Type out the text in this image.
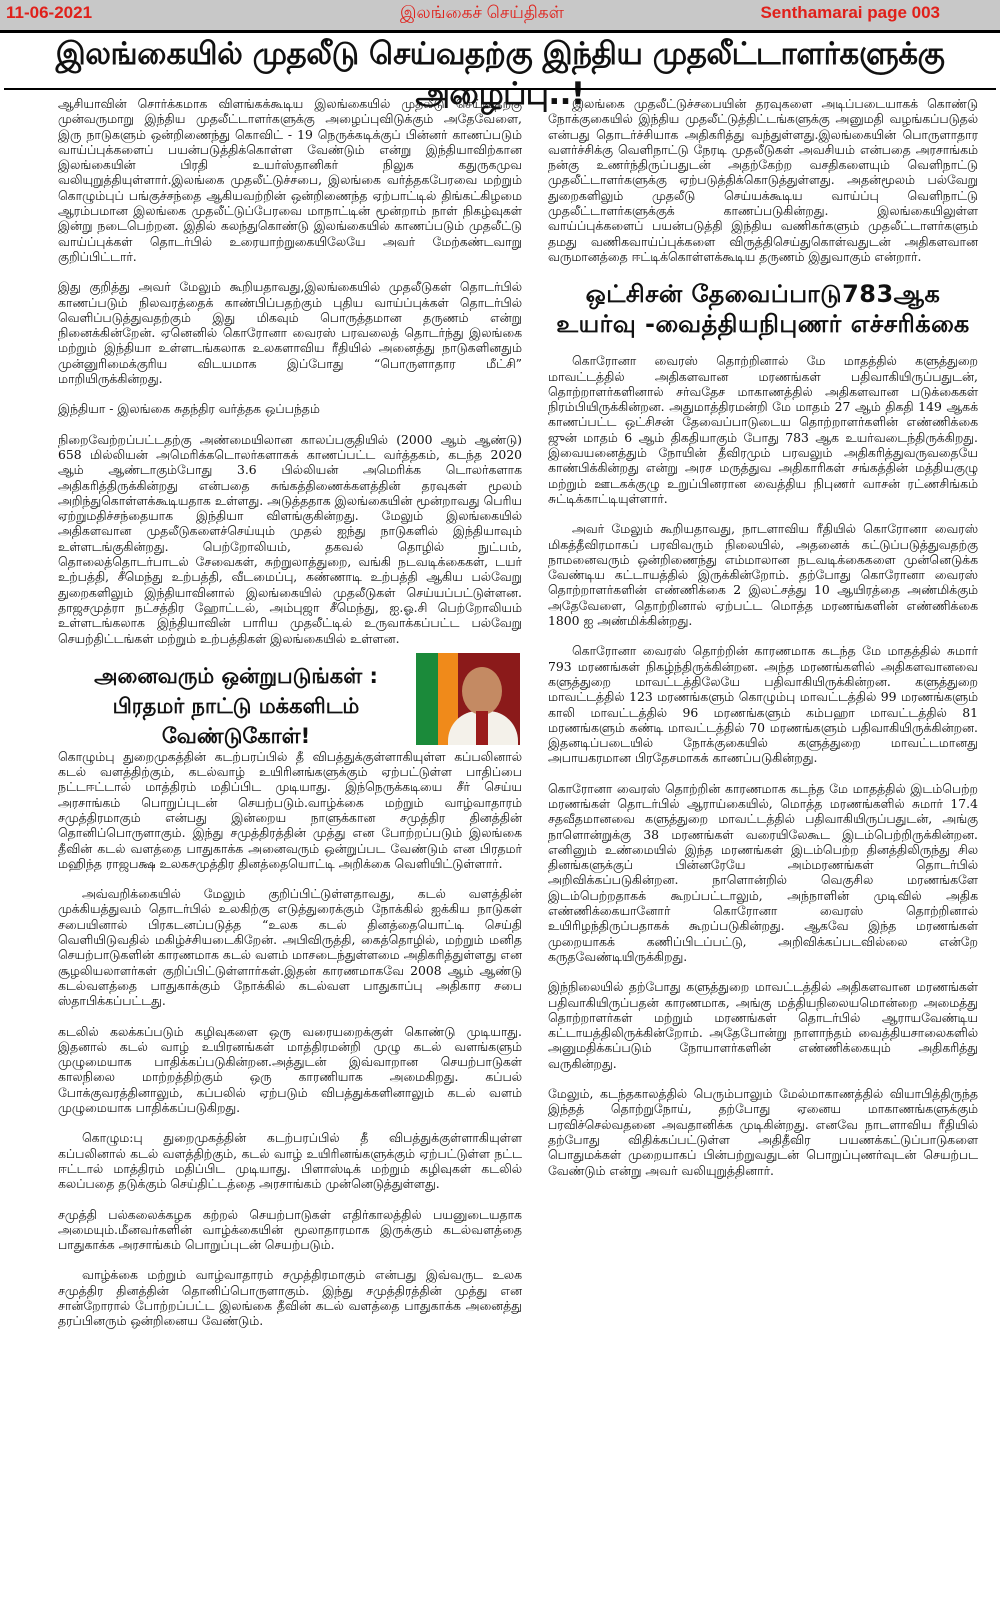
11-06-2021	இலங்கைச் செய்திகள்	Senthamarai page 003
இலங்கையில் முதலீடு செய்வதற்கு இந்திய முதலீட்டாளர்களுக்கு அழைப்பு..!

ஆசியாவின் சொர்க்கமாக விளங்கக்கூடிய இலங்கையில் முதலீடு செய்வதற்கு முன்வருமாறு இந்திய முதலீட்டாளர்களுக்கு அழைப்புவிடுக்கும் அதேவேளை, இரு நாடுகளும் ஒன்றிணைந்து கொவிட் - 19 நெருக்கடிக்குப் பின்னர் காணப்படும் வாய்ப்புக்களைப் பயன்படுத்திக்கொள்ள வேண்டும் என்று இந்தியாவிற்கான இலங்கையின் பிரதி உயர்ஸ்தானிகர் நிலுக கதுருகமுவ வலியுறுத்தியுள்ளார்.இலங்கை முதலீட்டுச்சபை, இலங்கை வர்த்தகபேரவை மற்றும் கொழும்புப் பங்குச்சந்தை ஆகியவற்றின் ஒன்றிணைந்த ஏற்பாட்டில் திங்கட்கிழமை ஆரம்பமான இலங்கை முதலீட்டுப்பேரவை மாநாட்டின் மூன்றாம் நாள் நிகழ்வுகள் இன்று நடைபெற்றன. இதில் கலந்துகொண்டு இலங்கையில் காணப்படும் முதலீட்டு வாய்ப்புக்கள் தொடர்பில் உரையாற்றுகையிலேயே அவர் மேற்கண்டவாறு குறிப்பிட்டார்.

இது குறித்து அவர் மேலும் கூறியதாவது,இலங்கையில் முதலீடுகள் தொடர்பில் காணப்படும் நிலவரத்தைக் காண்பிப்பதற்கும் புதிய வாய்ப்புக்கள் தொடர்பில் வெளிப்படுத்துவதற்கும் இது மிகவும் பொருத்தமான தருணம் என்று நினைக்கின்றேன். ஏனெனில் கொரோனா வைரஸ் பரவலைத் தொடர்ந்து இலங்கை மற்றும் இந்தியா உள்ளடங்கலாக உலகளாவிய ரீதியில் அனைத்து நாடுகளினதும் முன்னுரிமைக்குரிய விடயமாக இப்போது “பொருளாதார மீட்சி” மாறியிருக்கின்றது.

இந்தியா - இலங்கை சுதந்திர வர்த்தக ஒப்பந்தம்

நிறைவேற்றப்பட்டதற்கு அண்மையிலான காலப்பகுதியில் (2000 ஆம் ஆண்டு) 658 மில்லியன் அமெரிக்கடொலர்களாகக் காணப்பட்ட வர்த்தகம், கடந்த 2020 ஆம் ஆண்டாகும்போது 3.6 பில்லியன் அமெரிக்க டொலர்களாக அதிகரித்திருக்கின்றது என்பதை சுங்கத்திணைக்களத்தின் தரவுகள் மூலம் அறிந்துகொள்ளக்கூடியதாக உள்ளது. அடுத்ததாக இலங்கையின் மூன்றாவது பெரிய ஏற்றுமதிச்சந்தையாக இந்தியா விளங்குகின்றது. மேலும் இலங்கையில் அதிகளவான முதலீடுகளைச்செய்யும் முதல் ஐந்து நாடுகளில் இந்தியாவும் உள்ளடங்குகின்றது. பெற்றோலியம், தகவல் தொழில் நுட்பம், தொலைத்தொடர்பாடல் சேவைகள், சுற்றுலாத்துறை, வங்கி நடவடிக்கைகள், டயர் உற்பத்தி, சீமெந்து உற்பத்தி, வீடமைப்பு, கண்ணாடி உற்பத்தி ஆகிய பல்வேறு துறைகளிலும் இந்தியாவினால் இலங்கையில் முதலீடுகள் செய்யப்பட்டுள்ளன. தாஜசமுத்ரா நட்சத்திர ஹோட்டல், அம்புஜா சீமெந்து, ஐ.ஓ.சி பெற்றோலியம் உள்ளடங்கலாக இந்தியாவின் பாரிய முதலீட்டில் உருவாக்கப்பட்ட பல்வேறு செயற்திட்டங்கள் மற்றும் உற்பத்திகள் இலங்கையில் உள்ளன.

அனைவரும் ஒன்றுபடுங்கள் :
பிரதமர் நாட்டு மக்களிடம் வேண்டுகோள்!

கொழும்பு துறைமுகத்தின் கடற்பரப்பில் தீ விபத்துக்குள்ளாகியுள்ள கப்பலினால் கடல் வளத்திற்கும், கடல்வாழ் உயிரினங்களுக்கும் ஏற்பட்டுள்ள பாதிப்பை நட்டஈட்டால் மாத்திரம் மதிப்பிட முடியாது. இந்நெருக்கடியை சீர் செய்ய அரசாங்கம் பொறுப்புடன் செயற்படும்.வாழ்க்கை மற்றும் வாழ்வாதாரம் சமுத்திரமாகும் என்பது இன்றைய நாளுக்கான சமுத்திர தினத்தின் தொனிப்பொருளாகும். இந்து சமுத்திரத்தின் முத்து என போற்றப்படும் இலங்கை தீவின் கடல் வளத்தை பாதுகாக்க அனைவரும் ஒன்றுப்பட வேண்டும் என பிரதமர் மஹிந்த ராஜபக்ஷ உலகசமுத்திர தினத்தையொட்டி அறிக்கை வெளியிட்டுள்ளார்.

அவ்வறிக்கையில் மேலும் குறிப்பிட்டுள்ளதாவது, கடல் வளத்தின் முக்கியத்துவம் தொடர்பில் உலகிற்கு எடுத்துரைக்கும் நோக்கில் ஐக்கிய நாடுகள் சபையினால் பிரகடனப்படுத்த “உலக கடல் தினத்தையொட்டி செய்தி வெளியிடுவதில் மகிழ்ச்சியடைகிறேன். அபிவிருத்தி, கைத்தொழில், மற்றும் மனித செயற்பாடுகளின் காரணமாக கடல் வளம் மாசடைந்துள்ளமை அதிகரித்துள்ளது என சூழலியலாளர்கள் குறிப்பிட்டுள்ளார்கள்.இதன் காரணமாகவே 2008 ஆம் ஆண்டு கடல்வளத்தை பாதுகாக்கும் நோக்கில் கடல்வள பாதுகாப்பு அதிகார சபை ஸ்தாபிக்கப்பட்டது.

கடலில் கலக்கப்படும் கழிவுகளை ஒரு வரையறைக்குள் கொண்டு முடியாது. இதனால் கடல் வாழ் உயிரனங்கள் மாத்திரமன்றி முழு கடல் வளங்களும் முழுமையாக பாதிக்கப்படுகின்றன.அத்துடன் இவ்வாறான செயற்பாடுகள் காலநிலை மாற்றத்திற்கும் ஒரு காரணியாக அமைகிறது. கப்பல் போக்குவரத்தினாலும், கப்பலில் ஏற்படும் விபத்துக்களினாலும் கடல் வளம் முழுமையாக பாதிக்கப்படுகிறது.

கொழும:பு துறைமுகத்தின் கடற்பரப்பில் தீ விபத்துக்குள்ளாகியுள்ள கப்பலினால் கடல் வளத்திற்கும், கடல் வாழ் உயிரினங்களுக்கும் ஏற்பட்டுள்ள நட்ட ஈட்டால் மாத்திரம் மதிப்பிட முடியாது. பிளாஸ்டிக் மற்றும் கழிவுகள் கடலில் கலப்பதை தடுக்கும் செய்திட்டத்தை அரசாங்கம் முன்னெடுத்துள்ளது.

சமுத்தி பல்கலைக்கழக கற்றல் செயற்பாடுகள் எதிர்காலத்தில் பயனுடையதாக அமையும்.மீனவர்களின் வாழ்க்கையின் மூலாதாரமாக இருக்கும் கடல்வளத்தை பாதுகாக்க அரசாங்கம் பொறுப்புடன் செயற்படும்.

வாழ்க்கை மற்றும் வாழ்வாதாரம் சமுத்திரமாகும் என்பது இவ்வருட உலக சமுத்திர தினத்தின் தொனிப்பொருளாகும். இந்து சமுத்திரத்தின் முத்து என சான்றோரால் போற்றப்பட்ட இலங்கை தீவின் கடல் வளத்தை பாதுகாக்க அனைத்து தரப்பினரும் ஒன்றினைய வேண்டும்.

இலங்கை முதலீட்டுச்சபையின் தரவுகளை அடிப்படையாகக் கொண்டு நோக்குகையில் இந்திய முதலீட்டுத்திட்டங்களுக்கு அனுமதி வழங்கப்படுதல் என்பது தொடர்ச்சியாக அதிகரித்து வந்துள்ளது.இலங்கையின் பொருளாதார வளர்ச்சிக்கு வெளிநாட்டு நேரடி முதலீடுகள் அவசியம் என்பதை அரசாங்கம் நன்கு உணர்ந்திருப்பதுடன் அதற்கேற்ற வசதிகளையும் வெளிநாட்டு முதலீட்டாளர்களுக்கு ஏற்படுத்திக்கொடுத்துள்ளது. அதன்மூலம் பல்வேறு துறைகளிலும் முதலீடு செய்யக்கூடிய வாய்ப்பு வெளிநாட்டு முதலீட்டாளர்களுக்குக் காணப்படுகின்றது. இலங்கையிலுள்ள வாய்ப்புக்களைப் பயன்படுத்தி இந்திய வணிகர்களும் முதலீட்டாளர்களும் தமது வணிகவாய்ப்புக்களை விருத்திசெய்துகொள்வதுடன் அதிகளவான வருமானத்தை ஈட்டிக்கொள்ளக்கூடிய தருணம் இதுவாகும் என்றார்.

ஒட்சிசன் தேவைப்பாடு783ஆக உயர்வு -வைத்தியநிபுணர் எச்சரிக்கை

கொரோனா வைரஸ் தொற்றினால் மே மாதத்தில் களுத்துறை மாவட்டத்தில் அதிகளவான மரணங்கள் பதிவாகியிருப்பதுடன், தொற்றாளர்களினால் சர்வதேச மாகாணத்தில் அதிகளவான படுக்கைகள் நிரம்பியிருக்கின்றன. அதுமாத்திரமன்றி மே மாதம் 27 ஆம் திகதி 149 ஆகக் காணப்பட்ட ஒட்சிசன் தேவைப்பாடுடைய தொற்றாளர்களின் எண்ணிக்கை ஜுன் மாதம் 6 ஆம் திகதியாகும் போது 783 ஆக உயர்வடைந்திருக்கிறது. இவையனைத்தும் நோயின் தீவிரமும் பரவலும் அதிகரித்துவருவதையே காண்பிக்கின்றது என்று அரச மருத்துவ அதிகாரிகள் சங்கத்தின் மத்தியகுழு மற்றும் ஊடகக்குழு உறுப்பினரான வைத்திய நிபுணர் வாசன் ரட்ணசிங்கம் சுட்டிக்காட்டியுள்ளார்.

அவர் மேலும் கூறியதாவது, நாடளாவிய ரீதியில் கொரோனா வைரஸ் மிகத்தீவிரமாகப் பரவிவரும் நிலையில், அதனைக் கட்டுப்படுத்துவதற்கு நாமனைவரும் ஒன்றிணைந்து எம்மாலான நடவடிக்கைகளை முன்னெடுக்க வேண்டிய கட்டாயத்தில் இருக்கின்றோம். தற்போது கொரோனா வைரஸ் தொற்றாளர்களின் எண்ணிக்கை 2 இலட்சத்து 10 ஆயிரத்தை அண்மிக்கும் அதேவேளை, தொற்றினால் ஏற்பட்ட மொத்த மரணங்களின் எண்ணிக்கை 1800 ஐ அண்மிக்கின்றது.

கொரோனா வைரஸ் தொற்றின் காரணமாக கடந்த மே மாதத்தில் சுமார் 793 மரணங்கள் நிகழ்ந்திருக்கின்றன. அந்த மரணங்களில் அதிகளவானவை களுத்துறை மாவட்டத்திலேயே பதிவாகியிருக்கின்றன. களுத்துறை மாவட்டத்தில் 123 மரணங்களும் கொழும்பு மாவட்டத்தில் 99 மரணங்களும் காலி மாவட்டத்தில் 96 மரணங்களும் கம்பஹா மாவட்டத்தில் 81 மரணங்களும் கண்டி மாவட்டத்தில் 70 மரணங்களும் பதிவாகியிருக்கின்றன. இதனடிப்படையில் நோக்குகையில் களுத்துறை மாவட்டமானது அபாயகரமான பிரதேசமாகக் காணப்படுகின்றது.

கொரோனா வைரஸ் தொற்றின் காரணமாக கடந்த மே மாதத்தில் இடம்பெற்ற மரணங்கள் தொடர்பில் ஆராய்கையில், மொத்த மரணங்களில் சுமார் 17.4 சதவீதமானவை களுத்துறை மாவட்டத்தில் பதிவாகியிருப்பதுடன், அங்கு நாளொன்றுக்கு 38 மரணங்கள் வரையிலேகூட இடம்பெற்றிருக்கின்றன. எனினும் உண்மையில் இந்த மரணங்கள் இடம்பெற்ற தினத்திலிருந்து சில தினங்களுக்குப் பின்னரேயே அம்மரணங்கள் தொடர்பில் அறிவிக்கப்படுகின்றன. நாளொன்றில் வெகுசில மரணங்களே இடம்பெற்றதாகக் கூறப்பட்டாலும், அந்நாளின் முடிவில் அதிக எண்ணிக்கையானோர் கொரோனா வைரஸ் தொற்றினால் உயிரிழந்திருப்பதாகக் கூறப்படுகின்றது. ஆகவே இந்த மரணங்கள் முறையாகக் கணிப்பிடப்பட்டு, அறிவிக்கப்படவில்லை என்றே கருதவேண்டியிருக்கிறது.

இந்நிலையில் தற்போது களுத்துறை மாவட்டத்தில் அதிகளவான மரணங்கள் பதிவாகியிருப்பதன் காரணமாக, அங்கு மத்தியநிலையமொன்றை அமைத்து தொற்றாளர்கள் மற்றும் மரணங்கள் தொடர்பில் ஆராயவேண்டிய கட்டாயத்திலிருக்கின்றோம். அதேபோன்று நாளாந்தம் வைத்தியசாலைகளில் அனுமதிக்கப்படும் நோயாளர்களின் எண்ணிக்கையும் அதிகரித்து வருகின்றது.

மேலும், கடந்தகாலத்தில் பெரும்பாலும் மேல்மாகாணத்தில் வியாபித்திருந்த இந்தத் தொற்றுநோய், தற்போது ஏனைய மாகாணங்களுக்கும் பரவிச்செல்வதனை அவதானிக்க முடிகின்றது. எனவே நாடளாவிய ரீதியில் தற்போது விதிக்கப்பட்டுள்ள அதிதீவிர பயணக்கட்டுப்பாடுகளை பொதுமக்கள் முறையாகப் பின்பற்றுவதுடன் பொறுப்புணர்வுடன் செயற்பட வேண்டும் என்று அவர் வலியுறுத்தினார்.
